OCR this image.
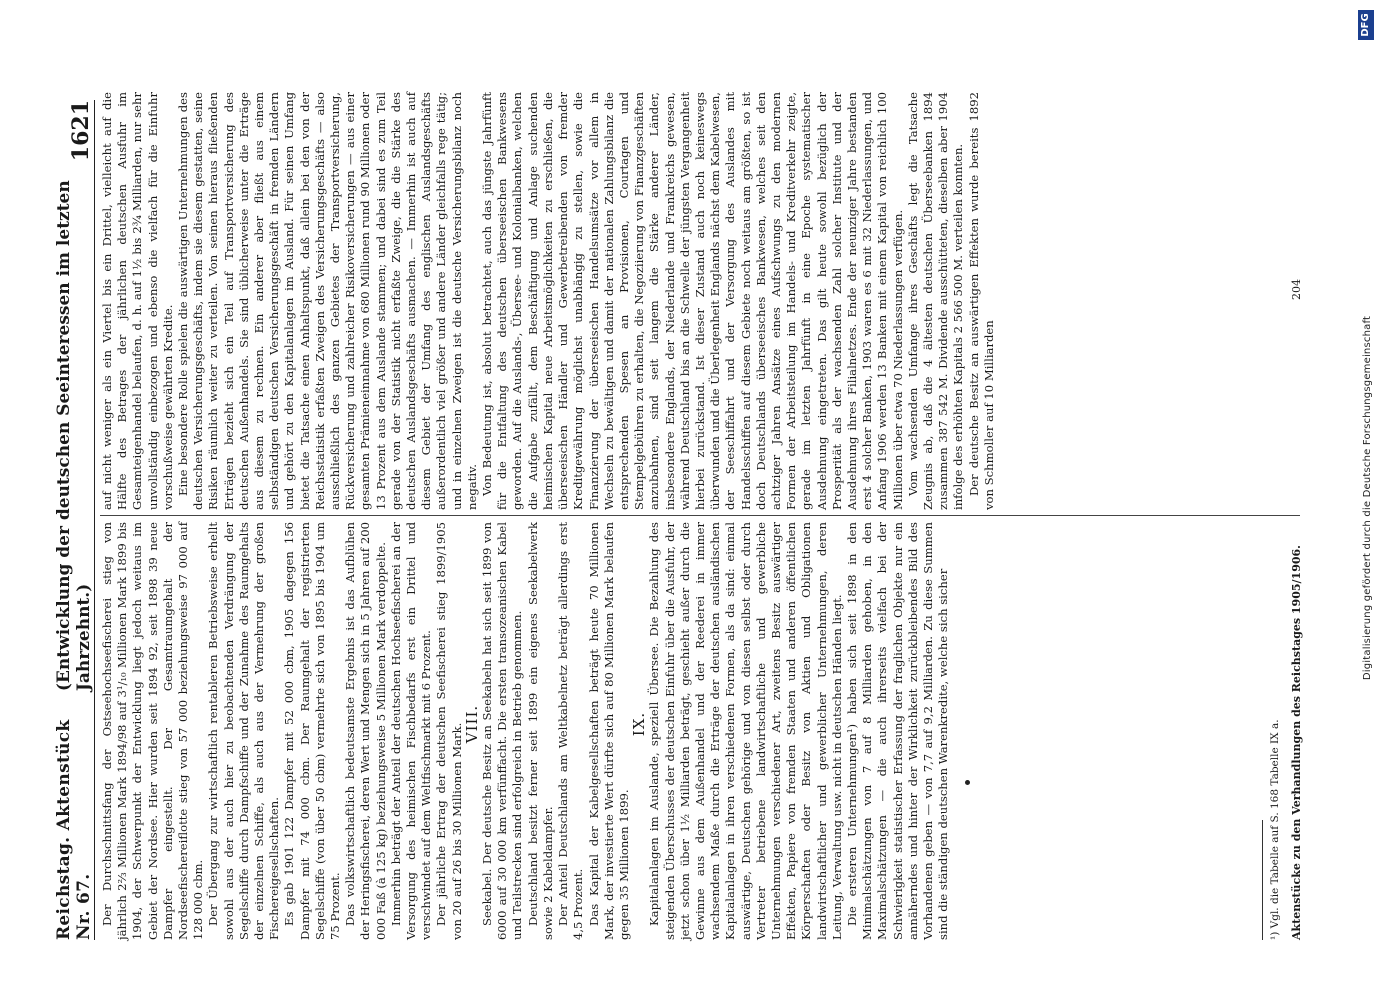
Reichstag. Aktenstück Nr. 67.
(Entwicklung der deutschen Seeinteressen im letzten Jahrzehnt.)
1621

Der Durchschnittsfang der Ostseehochseefischerei stieg von jährlich 2⅔ Millionen Mark 1894/98 auf 3¹/₁₀ Millionen Mark 1899 bis 1904, der Schwerpunkt der Entwicklung liegt jedoch weitaus im Gebiet der Nordsee. Hier wurden seit 1894 92, seit 1898 39 neue Dampfer eingestellt. Der Gesamtraumgehalt der Nordseefischereiflotte stieg von 57 000 beziehungsweise 97 000 auf 128 000 cbm. Der Übergang zur wirtschaftlich rentableren Betriebsweise erhellt sowohl aus der auch hier zu beobachtenden Verdrängung der Segelschiffe durch Dampfschiffe und der Zunahme des Raumgehalts der einzelnen Schiffe, als auch aus der Vermehrung der großen Fischereigesellschaften. Es gab 1901 122 Dampfer mit 52 000 cbm, 1905 dagegen 156 Dampfer mit 74 000 cbm. Der Raumgehalt der registrierten Segelschiffe (von über 50 cbm) vermehrte sich von 1895 bis 1904 um 75 Prozent. Das volkswirtschaftlich bedeutsamste Ergebnis ist das Aufblühen der Heringsfischerei, deren Wert und Mengen sich in 5 Jahren auf 200 000 Faß (à 125 kg) beziehungsweise 5 Millionen Mark verdoppelte. Immerhin beträgt der Anteil der deutschen Hochseefischerei an der Versorgung des heimischen Fischbedarfs erst ein Drittel und verschwindet auf dem Weltfischmarkt mit 6 Prozent. Der jährliche Ertrag der deutschen Seefischerei stieg 1899/1905 von 20 auf 26 bis 30 Millionen Mark. VIII. Seekabel. Der deutsche Besitz an Seekabeln hat sich seit 1899 von 6000 auf 30 000 km verfünffacht. Die ersten transozeanischen Kabel und Teilstrecken sind erfolgreich in Betrieb genommen. Deutschland besitzt ferner seit 1899 ein eigenes Seekabelwerk sowie 2 Kabeldampfer. Der Anteil Deutschlands am Weltkabelnetz beträgt allerdings erst 4,5 Prozent. Das Kapital der Kabelgesellschaften beträgt heute 70 Millionen Mark, der investierte Wert dürfte sich auf 80 Millionen Mark belaufen gegen 35 Millionen 1899.

IX. Kapitalanlagen im Auslande, speziell Übersee. Die Bezahlung des steigenden Überschusses der deutschen Einfuhr über die Ausfuhr, der jetzt schon über 1½ Milliarden beträgt, geschieht außer durch die Gewinne aus dem Außenhandel und der Reederei in immer wachsendem Maße durch die Erträge der deutschen ausländischen Kapitalanlagen in ihren verschiedenen Formen, als da sind: einmal auswärtige, Deutschen gehörige und von diesen selbst oder durch Vertreter betriebene landwirtschaftliche und gewerbliche Unternehmungen verschiedener Art, zweitens Besitz auswärtiger Effekten, Papiere von fremden Staaten und anderen öffentlichen Körperschaften oder Besitz von Aktien und Obligationen landwirtschaftlicher und gewerblicher Unternehmungen, deren Leitung, Verwaltung usw. nicht in deutschen Händen liegt. Die ersteren Unternehmungen¹) haben sich seit 1898 in den Minimalschätzungen von 7 auf 8 Milliarden gehoben, in den Maximalschätzungen — die auch ihrerseits vielfach bei der Schwierigkeit statistischer Erfassung der fraglichen Objekte nur ein annäherndes und hinter der Wirklichkeit zurückbleibendes Bild des Vorhandenen geben — von 7,7 auf 9,2 Milliarden. Zu diese Summen sind die ständigen deutschen Warenkredite, welche sich sicher

auf nicht weniger als ein Viertel bis ein Drittel, vielleicht auf die Hälfte des Betrages der jährlichen deutschen Ausfuhr im Gesamteigenhandel belaufen, d. h. auf 1½ bis 2¾ Milliarden, nur sehr unvollständig einbezogen und ebenso die vielfach für die Einfuhr vorschußweise gewährten Kredite. Eine besondere Rolle spielen die auswärtigen Unternehmungen des deutschen Versicherungsgeschäfts, indem sie diesem gestatten, seine Risiken räumlich weiter zu verteilen. Von seinen hieraus fließenden Erträgen bezieht sich ein Teil auf Transportversicherung des deutschen Außenhandels. Sie sind üblicherweise unter die Erträge aus diesem zu rechnen. Ein anderer aber fließt aus einem selbständigen deutschen Versicherungsgeschäft in fremden Ländern und gehört zu den Kapitalanlagen im Ausland. Für seinen Umfang bietet die Tatsache einen Anhaltspunkt, daß allein bei den von der Reichsstatistik erfaßten Zweigen des Versicherungsgeschäfts — also ausschließlich des ganzen Gebietes der Transportversicherung, Rückversicherung und zahlreicher Risikoversicherungen — aus einer gesamten Prämieneinnahme von 680 Millionen rund 90 Millionen oder 13 Prozent aus dem Auslande stammen; und dabei sind es zum Teil gerade von der Statistik nicht erfaßte Zweige, die die Stärke des deutschen Auslandsgeschäfts ausmachen. — Immerhin ist auch auf diesem Gebiet der Umfang des englischen Auslandsgeschäfts außerordentlich viel größer und andere Länder gleichfalls rege tätig; und in einzelnen Zweigen ist die deutsche Versicherungsbilanz noch negativ. Von Bedeutung ist, absolut betrachtet, auch das jüngste Jahrfünft für die Entfaltung des deutschen überseeischen Bankwesens geworden. Auf die Auslands-, Übersee- und Kolonialbanken, welchen die Aufgabe zufällt, dem Beschäftigung und Anlage suchenden heimischen Kapital neue Arbeitsmöglichkeiten zu erschließen, die überseeischen Händler und Gewerbetreibenden von fremder Kreditgewährung möglichst unabhängig zu stellen, sowie die Finanzierung der überseeischen Handelsumsätze vor allem in Wechseln zu bewältigen und damit der nationalen Zahlungsbilanz die entsprechenden Spesen an Provisionen, Courtagen und Stempelgebühren zu erhalten, die Negoziierung von Finanzgeschäften anzubahnen, sind seit langem die Stärke anderer Länder, insbesondere Englands, der Niederlande und Frankreichs gewesen, während Deutschland bis an die Schwelle der jüngsten Vergangenheit hierbei zurückstand. Ist dieser Zustand auch noch keineswegs überwunden und die Überlegenheit Englands nächst dem Kabelwesen, der Seeschiffahrt und der Versorgung des Auslandes mit Handelsschiffen auf diesem Gebiete noch weitaus am größten, so ist doch Deutschlands überseeisches Bankwesen, welches seit den achtziger Jahren Ansätze eines Aufschwungs zu den modernen Formen der Arbeitsteilung im Handels- und Kreditverkehr zeigte, gerade im letzten Jahrfünft in eine Epoche systematischer Ausdehnung eingetreten. Das gilt heute sowohl bezüglich der Prosperität als der wachsenden Zahl solcher Institute und der Ausdehnung ihres Filialnetzes. Ende der neunziger Jahre bestanden erst 4 solcher Banken, 1903 waren es 6 mit 32 Niederlassungen, und Anfang 1906 werden 13 Banken mit einem Kapital von reichlich 100 Millionen über etwa 70 Niederlassungen verfügen. Vom wachsenden Umfange ihres Geschäfts legt die Tatsache Zeugnis ab, daß die 4 ältesten deutschen Überseebanken 1894 zusammen 387 542 M. Dividende ausschütteten, dieselben aber 1904 infolge des erhöhten Kapitals 2 566 500 M. verteilen konnten. Der deutsche Besitz an auswärtigen Effekten wurde bereits 1892 von Schmoller auf 10 Milliarden

¹) Vgl. die Tabelle auf S. 168 Tabelle IX a. Aktenstücke zu den Verhandlungen des Reichstages 1905/1906.
204
Digitalisierung gefördert durch die Deutsche Forschungsgemeinschaft
DFG
